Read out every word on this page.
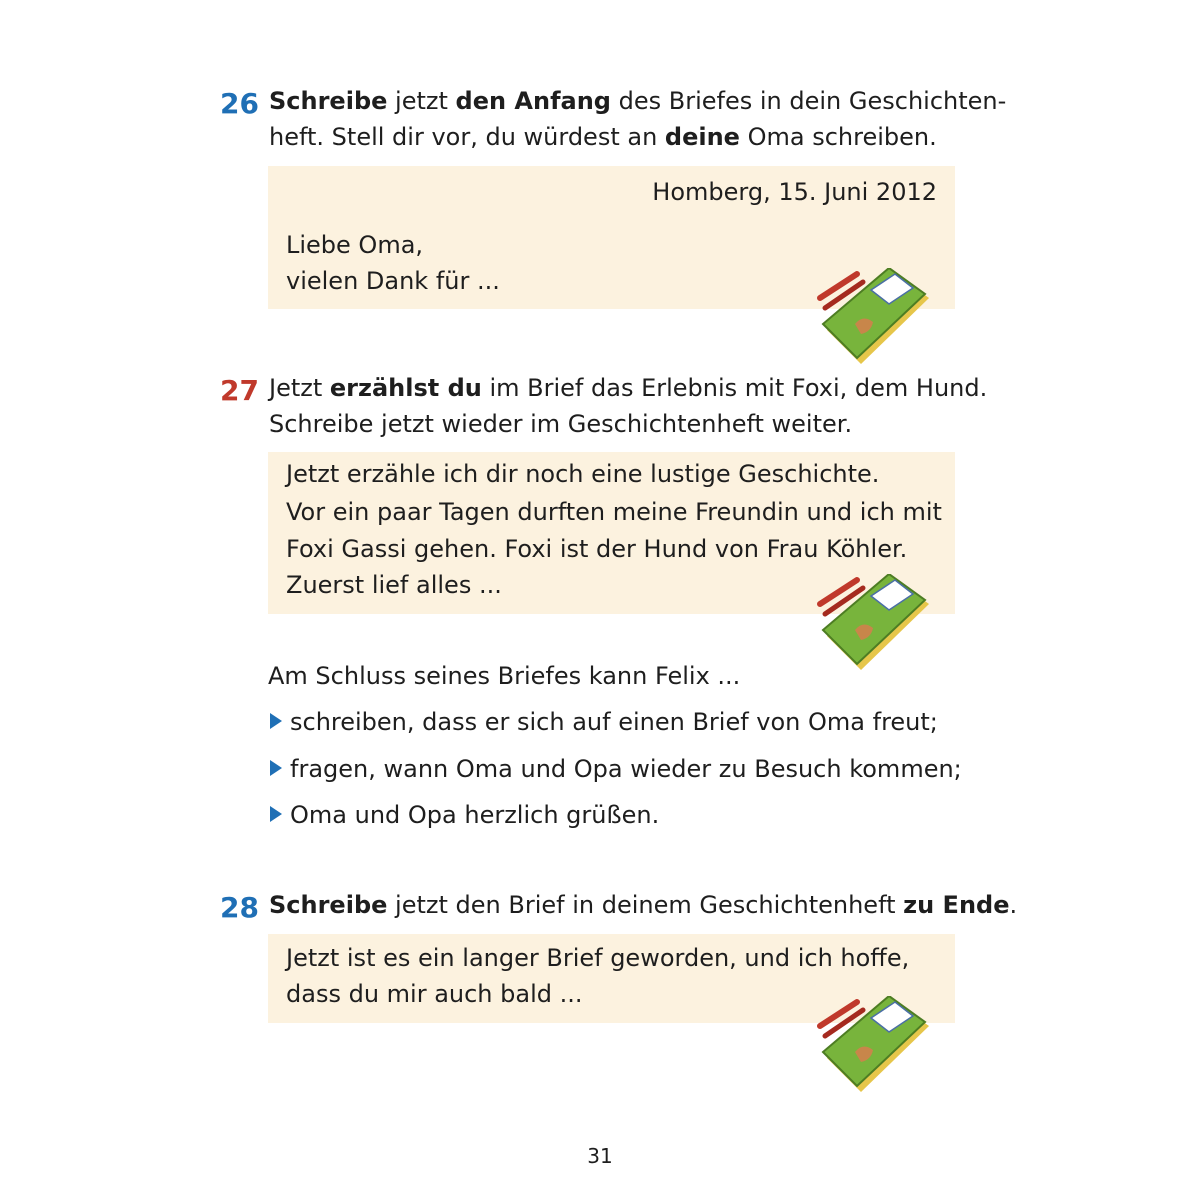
26 Schreibe jetzt den Anfang des Briefes in dein Geschichten-
heft. Stell dir vor, du würdest an deine Oma schreiben.
Homberg, 15. Juni 2012
Liebe Oma,
vielen Dank für ...
27 Jetzt erzählst du im Brief das Erlebnis mit Foxi, dem Hund.
Schreibe jetzt wieder im Geschichtenheft weiter.
Jetzt erzähle ich dir noch eine lustige Geschichte.
Vor ein paar Tagen durften meine Freundin und ich mit
Foxi Gassi gehen. Foxi ist der Hund von Frau Köhler.
Zuerst lief alles ...
Am Schluss seines Briefes kann Felix ...
schreiben, dass er sich auf einen Brief von Oma freut;
fragen, wann Oma und Opa wieder zu Besuch kommen;
Oma und Opa herzlich grüßen.
28 Schreibe jetzt den Brief in deinem Geschichtenheft zu Ende.
Jetzt ist es ein langer Brief geworden, und ich hoffe,
dass du mir auch bald ...
31
